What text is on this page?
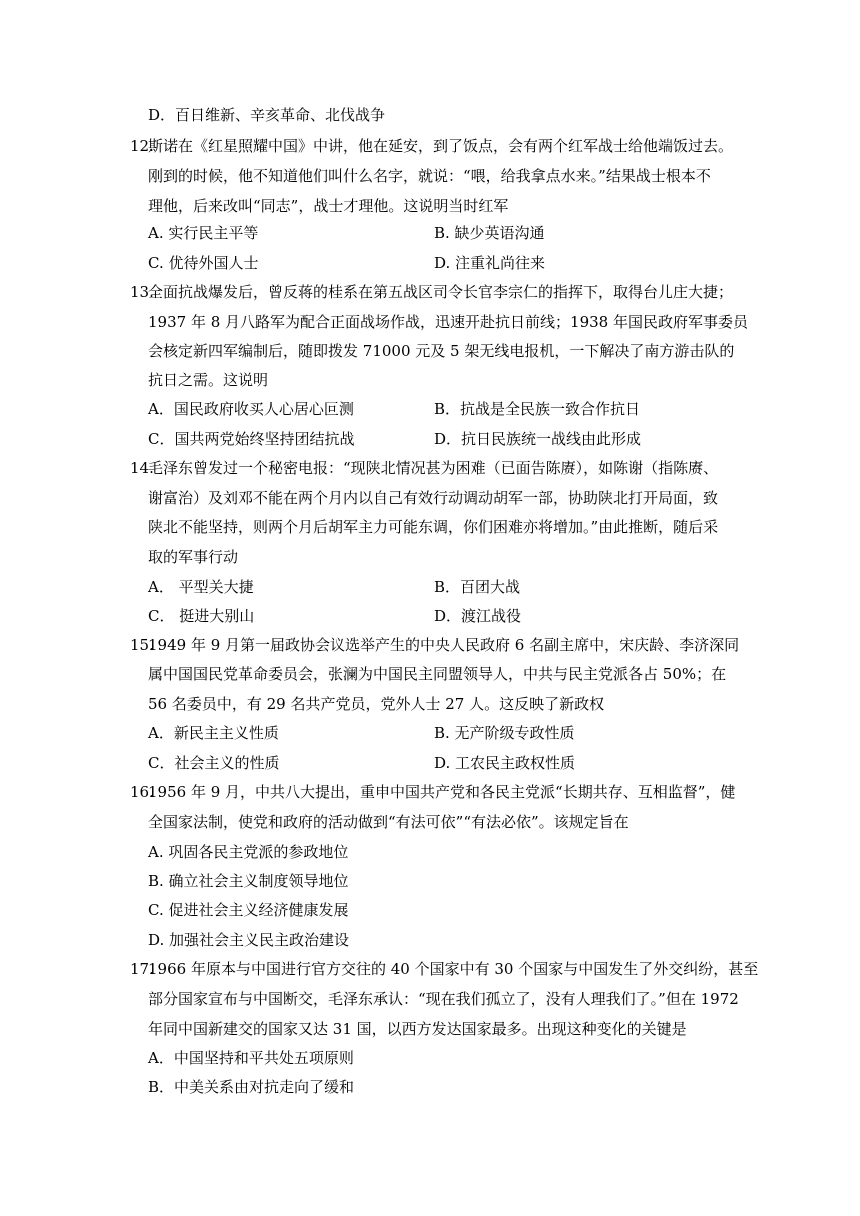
D．百日维新、辛亥革命、北伐战争
12.
斯诺在《红星照耀中国》中讲，他在延安，到了饭点，会有两个红军战士给他端饭过去。
刚到的时候，他不知道他们叫什么名字，就说：“喂，给我拿点水来。”结果战士根本不
理他，后来改叫“同志”，战士才理他。这说明当时红军
A. 实行民主平等	B. 缺少英语沟通
C. 优待外国人士	D. 注重礼尚往来
13.
全面抗战爆发后，曾反蒋的桂系在第五战区司令长官李宗仁的指挥下，取得台儿庄大捷；
1937 年 8 月八路军为配合正面战场作战，迅速开赴抗日前线；1938 年国民政府军事委员
会核定新四军编制后，随即拨发 71000 元及 5 架无线电报机，一下解决了南方游击队的
抗日之需。这说明
A．国民政府收买人心居心叵测	B．抗战是全民族一致合作抗日
C．国共两党始终坚持团结抗战	D．抗日民族统一战线由此形成
14.
毛泽东曾发过一个秘密电报：“现陕北情况甚为困难（已面告陈赓），如陈谢（指陈赓、
谢富治）及刘邓不能在两个月内以自己有效行动调动胡军一部，协助陕北打开局面，致
陕北不能坚持，则两个月后胡军主力可能东调，你们困难亦将增加。”由此推断，随后采
取的军事行动
A． 平型关大捷	B．百团大战
C． 挺进大别山	D．渡江战役
15.
1949 年 9 月第一届政协会议选举产生的中央人民政府 6 名副主席中，宋庆龄、李济深同
属中国国民党革命委员会，张澜为中国民主同盟领导人，中共与民主党派各占 50%；在
56 名委员中，有 29 名共产党员，党外人士 27 人。这反映了新政权
A．新民主主义性质	B. 无产阶级专政性质
C．社会主义的性质	D. 工农民主政权性质
16.
1956 年 9 月，中共八大提出，重申中国共产党和各民主党派“长期共存、互相监督”，健
全国家法制，使党和政府的活动做到“有法可依”“有法必依”。该规定旨在
A. 巩固各民主党派的参政地位
B. 确立社会主义制度领导地位
C. 促进社会主义经济健康发展
D. 加强社会主义民主政治建设
17.
1966 年原本与中国进行官方交往的 40 个国家中有 30 个国家与中国发生了外交纠纷，甚至
部分国家宣布与中国断交，毛泽东承认：“现在我们孤立了，没有人理我们了。”但在 1972
年同中国新建交的国家又达 31 国，以西方发达国家最多。出现这种变化的关键是
A．中国坚持和平共处五项原则
B．中美关系由对抗走向了缓和
